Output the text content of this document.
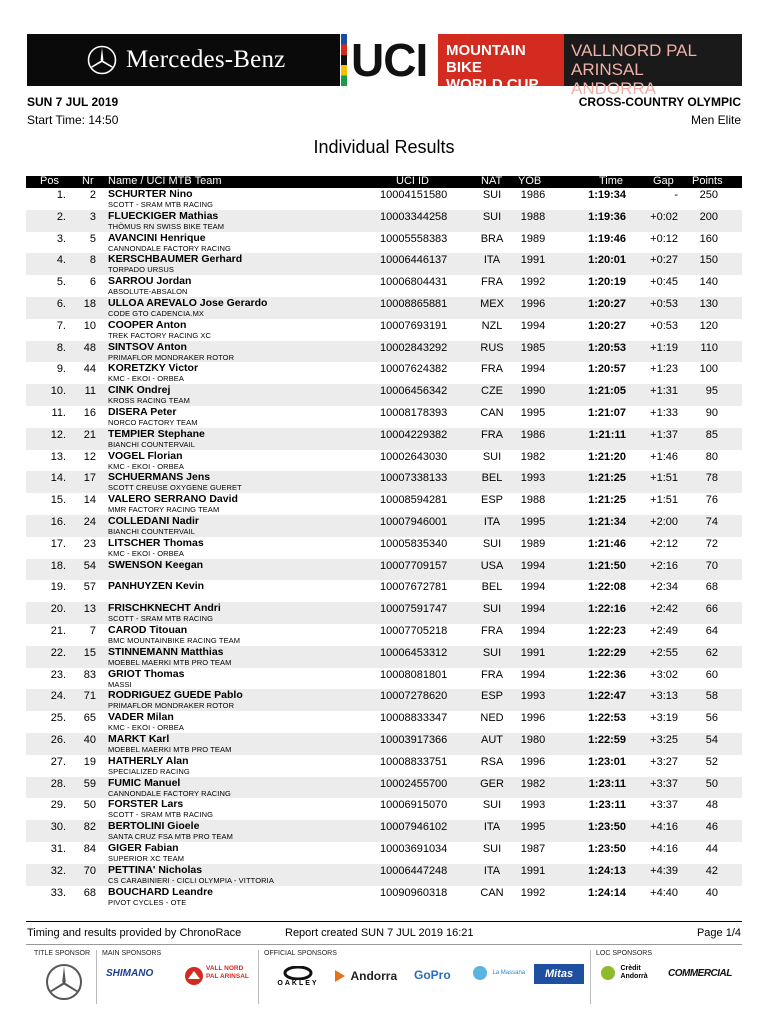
Mercedes-Benz UCI MOUNTAIN BIKE
WORLD CUP
VALLNORD PAL ARINSAL
ANDORRA
SUN 7 JUL 2019
Start Time: 14:50
CROSS-COUNTRY OLYMPIC
Men Elite
Individual Results
Pos Nr Name / UCI MTB Team	UCI ID	NAT YOB	Time	Gap Points
1.	2 SCHURTER Nino
SCOTT - SRAM MTB RACING
10004151580	SUI	1986	1:19:34	-	250
2.	3 FLUECKIGER Mathias
THÖMUS RN SWISS BIKE TEAM
10003344258	SUI	1988	1:19:36	+0:02	200
3.	5 AVANCINI Henrique
CANNONDALE FACTORY RACING
10005558383	BRA	1989	1:19:46	+0:12	160
4.	8 KERSCHBAUMER Gerhard
TORPADO URSUS
10006446137	ITA	1991	1:20:01	+0:27	150
5.	6 SARROU Jordan
ABSOLUTE-ABSALON
10006804431	FRA	1992	1:20:19	+0:45	140
6.	18 ULLOA AREVALO Jose Gerardo
CODE GTO CADENCIA.MX
10008865881	MEX	1996	1:20:27	+0:53	130
7.	10 COOPER Anton
TREK FACTORY RACING XC
10007693191	NZL	1994	1:20:27	+0:53	120
8.	48 SINTSOV Anton
PRIMAFLOR MONDRAKER ROTOR
10002843292	RUS	1985	1:20:53	+1:19	110
9.	44 KORETZKY Victor
KMC - EKOI - ORBEA
10007624382	FRA	1994	1:20:57	+1:23	100
10.	11 CINK Ondrej
KROSS RACING TEAM
10006456342	CZE	1990	1:21:05	+1:31	95
11.	16 DISERA Peter
NORCO FACTORY TEAM
10008178393	CAN	1995	1:21:07	+1:33	90
12.	21 TEMPIER Stephane
BIANCHI COUNTERVAIL
10004229382	FRA	1986	1:21:11	+1:37	85
13.	12 VOGEL Florian
KMC - EKOI - ORBEA
10002643030	SUI	1982	1:21:20	+1:46	80
14.	17 SCHUERMANS Jens
SCOTT CREUSE OXYGENE GUERET
10007338133	BEL	1993	1:21:25	+1:51	78
15.	14 VALERO SERRANO David
MMR FACTORY RACING TEAM
10008594281	ESP	1988	1:21:25	+1:51	76
16.	24 COLLEDANI Nadir
BIANCHI COUNTERVAIL
10007946001	ITA	1995	1:21:34	+2:00	74
17.	23 LITSCHER Thomas
KMC - EKOI - ORBEA
10005835340	SUI	1989	1:21:46	+2:12	72
18.	54 SWENSON Keegan	10007709157	USA	1994	1:21:50	+2:16	70
19.	57 PANHUYZEN Kevin	10007672781	BEL	1994	1:22:08	+2:34	68
20.	13 FRISCHKNECHT Andri
SCOTT - SRAM MTB RACING
10007591747	SUI	1994	1:22:16	+2:42	66
21.	7 CAROD Titouan
BMC MOUNTAINBIKE RACING TEAM
10007705218	FRA	1994	1:22:23	+2:49	64
22.	15 STINNEMANN Matthias
MOEBEL MAERKI MTB PRO TEAM
10006453312	SUI	1991	1:22:29	+2:55	62
23.	83 GRIOT Thomas
MASSI
10008081801	FRA	1994	1:22:36	+3:02	60
24.	71 RODRIGUEZ GUEDE Pablo
PRIMAFLOR MONDRAKER ROTOR
10007278620	ESP	1993	1:22:47	+3:13	58
25.	65 VADER Milan
KMC - EKOI - ORBEA
10008833347	NED	1996	1:22:53	+3:19	56
26.	40 MARKT Karl
MOEBEL MAERKI MTB PRO TEAM
10003917366	AUT	1980	1:22:59	+3:25	54
27.	19 HATHERLY Alan
SPECIALIZED RACING
10008833751	RSA	1996	1:23:01	+3:27	52
28.	59 FUMIC Manuel
CANNONDALE FACTORY RACING
10002455700	GER	1982	1:23:11	+3:37	50
29.	50 FORSTER Lars
SCOTT - SRAM MTB RACING
10006915070	SUI	1993	1:23:11	+3:37	48
30.	82 BERTOLINI Gioele
SANTA CRUZ FSA MTB PRO TEAM
10007946102	ITA	1995	1:23:50	+4:16	46
31.	84 GIGER Fabian
SUPERIOR XC TEAM
10003691034	SUI	1987	1:23:50	+4:16	44
32.	70 PETTINA' Nicholas
CS CARABINIERI - CICLI OLYMPIA - VITTORIA
10006447248	ITA	1991	1:24:13	+4:39	42
33.	68 BOUCHARD Leandre
PIVOT CYCLES - OTE
10090960318	CAN	1992	1:24:14	+4:40	40
Timing and results provided by ChronoRace	Report created SUN 7 JUL 2019 16:21	Page 1/4
TITLE SPONSOR MAIN SPONSORS	OFFICIAL SPONSORS	LOC SPONSORS
SHIMANO	VALL NORD PAL ARINSAL
OAKLEY
Andorra GoPro	La Massana	Mitas	Crèdit Andorrà	COMMERCIAL
